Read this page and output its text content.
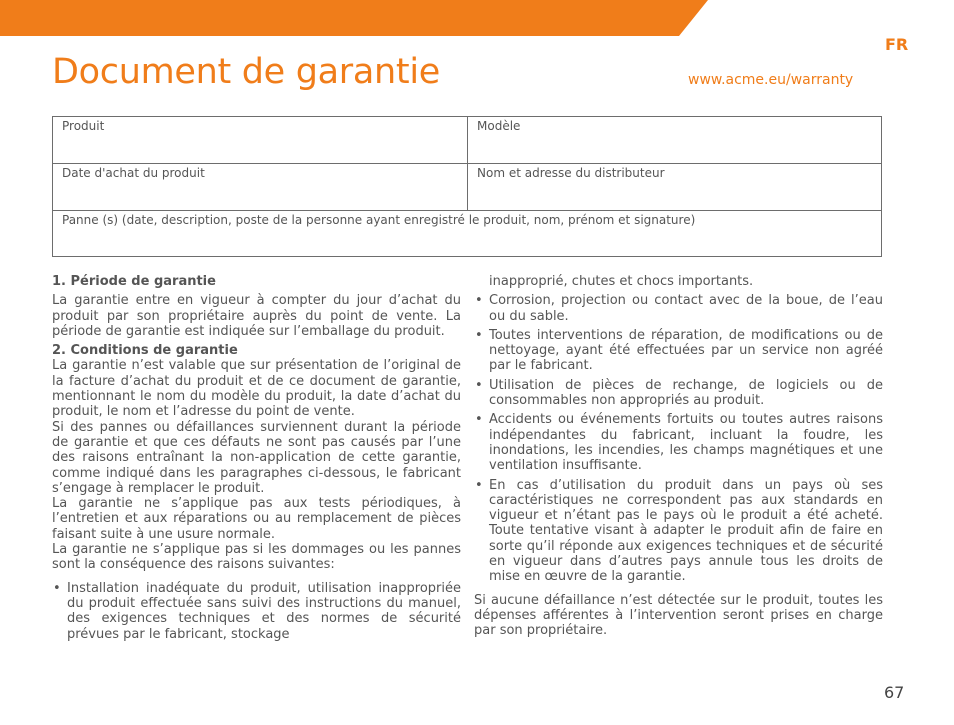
FR
Document de garantie	www.acme.eu/warranty
Produit	Modèle
Date d'achat du produit	Nom et adresse du distributeur
Panne (s) (date, description, poste de la personne ayant enregistré le produit, nom, prénom et signature)
1. Période de garantie

La garantie entre en vigueur à compter du jour d’achat du produit par son propriétaire auprès du point de vente. La période de garantie est indiquée sur l’emballage du produit.

2. Conditions de garantie

La garantie n’est valable que sur présentation de l’original de la facture d’achat du produit et de ce document de garantie, mentionnant le nom du modèle du produit, la date d’achat du produit, le nom et l’adresse du point de vente.

Si des pannes ou défaillances surviennent durant la période de garantie et que ces défauts ne sont pas causés par l’une des raisons entraînant la non-application de cette garantie, comme indiqué dans les paragraphes ci-dessous, le fabricant s’engage à remplacer le produit.

La garantie ne s’applique pas aux tests périodiques, à l’entretien et aux réparations ou au remplacement de pièces faisant suite à une usure normale.

La garantie ne s’applique pas si les dommages ou les pannes sont la conséquence des raisons suivantes:

• Installation inadéquate du produit, utilisation inappropriée du produit effectuée sans suivi des instructions du manuel, des exigences techniques et des normes de sécurité prévues par le fabricant, stockage

inapproprié, chutes et chocs importants.

• Corrosion, projection ou contact avec de la boue, de l’eau ou du sable.
• Toutes interventions de réparation, de modifications ou de nettoyage, ayant été effectuées par un service non agréé par le fabricant.
• Utilisation de pièces de rechange, de logiciels ou de consommables non appropriés au produit.
• Accidents ou événements fortuits ou toutes autres raisons indépendantes du fabricant, incluant la foudre, les inondations, les incendies, les champs magnétiques et une ventilation insuffisante.
• En cas d’utilisation du produit dans un pays où ses caractéristiques ne correspondent pas aux standards en vigueur et n’étant pas le pays où le produit a été acheté. Toute tentative visant à adapter le produit afin de faire en sorte qu’il réponde aux exigences techniques et de sécurité en vigueur dans d’autres pays annule tous les droits de mise en œuvre de la garantie.

Si aucune défaillance n’est détectée sur le produit, toutes les dépenses afférentes à l’intervention seront prises en charge par son propriétaire.

67
